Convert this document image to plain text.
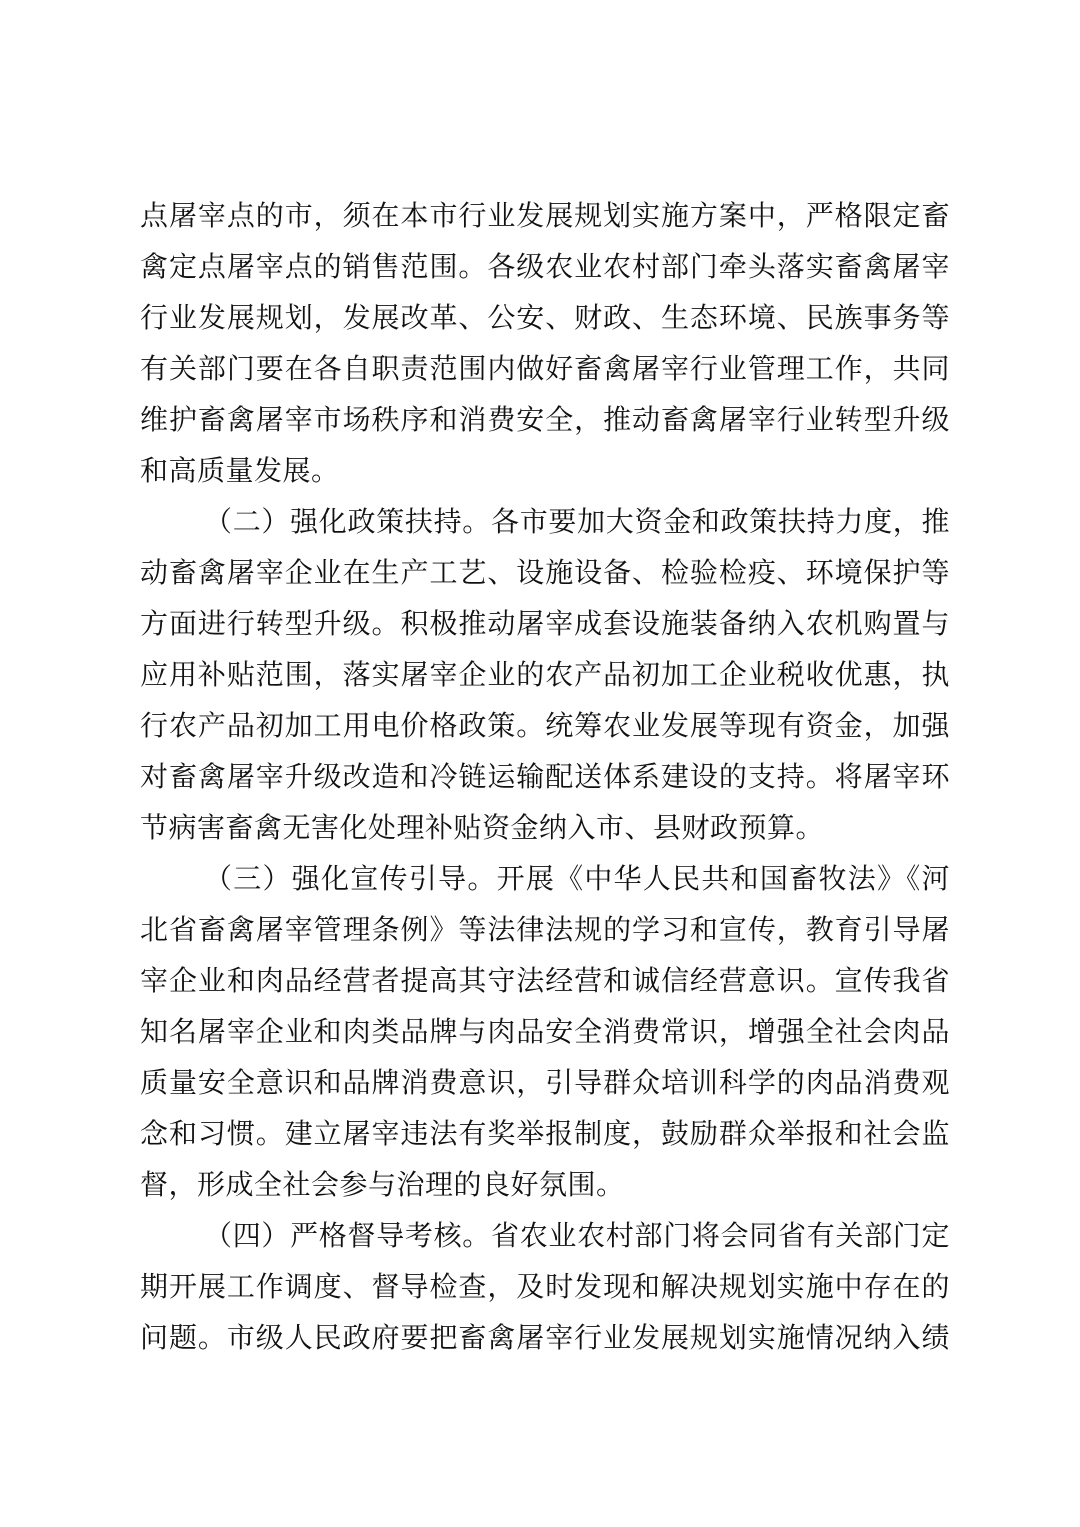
点屠宰点的市，须在本市行业发展规划实施方案中，严格限定畜
禽定点屠宰点的销售范围。各级农业农村部门牵头落实畜禽屠宰
行业发展规划，发展改革、公安、财政、生态环境、民族事务等
有关部门要在各自职责范围内做好畜禽屠宰行业管理工作，共同
维护畜禽屠宰市场秩序和消费安全，推动畜禽屠宰行业转型升级
和高质量发展。
（二）强化政策扶持。各市要加大资金和政策扶持力度，推
动畜禽屠宰企业在生产工艺、设施设备、检验检疫、环境保护等
方面进行转型升级。积极推动屠宰成套设施装备纳入农机购置与
应用补贴范围，落实屠宰企业的农产品初加工企业税收优惠，执
行农产品初加工用电价格政策。统筹农业发展等现有资金，加强
对畜禽屠宰升级改造和冷链运输配送体系建设的支持。将屠宰环
节病害畜禽无害化处理补贴资金纳入市、县财政预算。
（三）强化宣传引导。开展《中华人民共和国畜牧法》《河
北省畜禽屠宰管理条例》等法律法规的学习和宣传，教育引导屠
宰企业和肉品经营者提高其守法经营和诚信经营意识。宣传我省
知名屠宰企业和肉类品牌与肉品安全消费常识，增强全社会肉品
质量安全意识和品牌消费意识，引导群众培训科学的肉品消费观
念和习惯。建立屠宰违法有奖举报制度，鼓励群众举报和社会监
督，形成全社会参与治理的良好氛围。
（四）严格督导考核。省农业农村部门将会同省有关部门定
期开展工作调度、督导检查，及时发现和解决规划实施中存在的
问题。市级人民政府要把畜禽屠宰行业发展规划实施情况纳入绩
